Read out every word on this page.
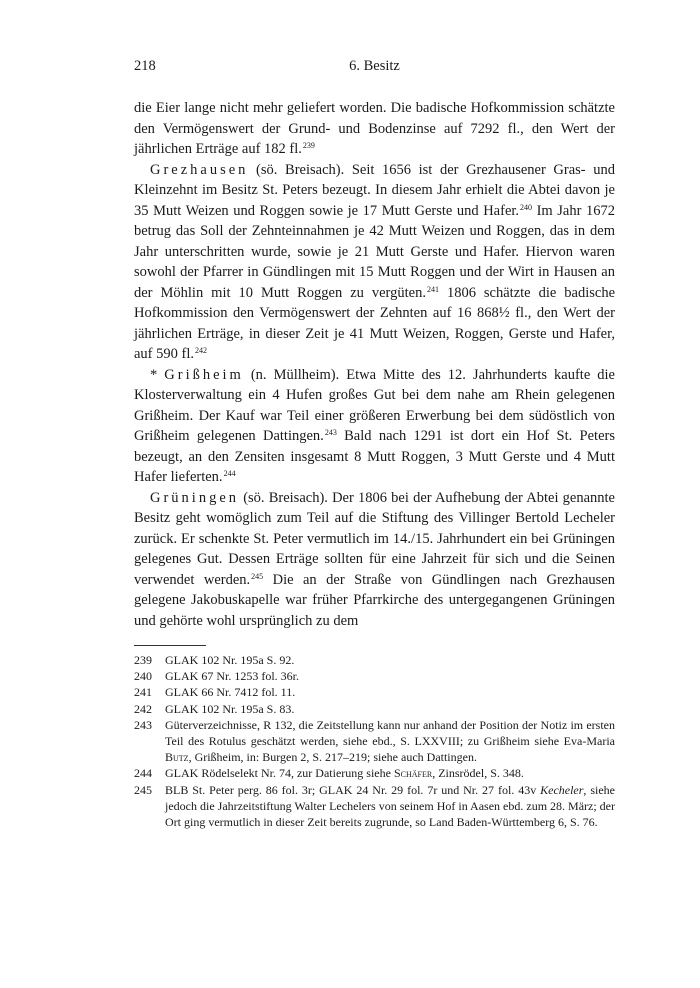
218	6. Besitz

die Eier lange nicht mehr geliefert worden. Die badische Hofkommission schätzte den Vermögenswert der Grund- und Bodenzinse auf 7292 fl., den Wert der jährlichen Erträge auf 182 fl.$^{239}$

Grezhausen (sö. Breisach). Seit 1656 ist der Grezhausener Gras- und Kleinzehnt im Besitz St. Peters bezeugt. In diesem Jahr erhielt die Abtei davon je 35 Mutt Weizen und Roggen sowie je 17 Mutt Gerste und Hafer.$^{240}$ Im Jahr 1672 betrug das Soll der Zehnteinnahmen je 42 Mutt Weizen und Roggen, das in dem Jahr unterschritten wurde, sowie je 21 Mutt Gerste und Hafer. Hiervon waren sowohl der Pfarrer in Gündlingen mit 15 Mutt Roggen und der Wirt in Hausen an der Möhlin mit 10 Mutt Roggen zu vergüten.$^{241}$ 1806 schätzte die badische Hofkommission den Vermögenswert der Zehnten auf 16 868½ fl., den Wert der jährlichen Erträge, in dieser Zeit je 41 Mutt Weizen, Roggen, Gerste und Hafer, auf 590 fl.$^{242}$

* Grißheim (n. Müllheim). Etwa Mitte des 12. Jahrhunderts kaufte die Klosterverwaltung ein 4 Hufen großes Gut bei dem nahe am Rhein gelegenen Grißheim. Der Kauf war Teil einer größeren Erwerbung bei dem südöstlich von Grißheim gelegenen Dattingen.$^{243}$ Bald nach 1291 ist dort ein Hof St. Peters bezeugt, an den Zensiten insgesamt 8 Mutt Roggen, 3 Mutt Gerste und 4 Mutt Hafer lieferten.$^{244}$

Grüningen (sö. Breisach). Der 1806 bei der Aufhebung der Abtei genannte Besitz geht womöglich zum Teil auf die Stiftung des Villinger Bertold Lecheler zurück. Er schenkte St. Peter vermutlich im 14./15. Jahrhundert ein bei Grüningen gelegenes Gut. Dessen Erträge sollten für eine Jahrzeit für sich und die Seinen verwendet werden.$^{245}$ Die an der Straße von Gündlingen nach Grezhausen gelegene Jakobuskapelle war früher Pfarrkirche des untergegangenen Grüningen und gehörte wohl ursprünglich zu dem

239	GLAK 102 Nr. 195a S. 92.
240	GLAK 67 Nr. 1253 fol. 36r.
241	GLAK 66 Nr. 7412 fol. 11.
242	GLAK 102 Nr. 195a S. 83.
243	Güterverzeichnisse, R 132, die Zeitstellung kann nur anhand der Position der Notiz im ersten Teil des Rotulus geschätzt werden, siehe ebd., S. LXXVIII; zu Grißheim siehe Eva-Maria Butz, Grißheim, in: Burgen 2, S. 217–219; siehe auch Dattingen.
244	GLAK Rödelselekt Nr. 74, zur Datierung siehe Schäfer, Zinsrödel, S. 348.
245	BLB St. Peter perg. 86 fol. 3r; GLAK 24 Nr. 29 fol. 7r und Nr. 27 fol. 43v Kecheler, siehe jedoch die Jahrzeitstiftung Walter Lechelers von seinem Hof in Aasen ebd. zum 28. März; der Ort ging vermutlich in dieser Zeit bereits zugrunde, so Land Baden-Württemberg 6, S. 76.
